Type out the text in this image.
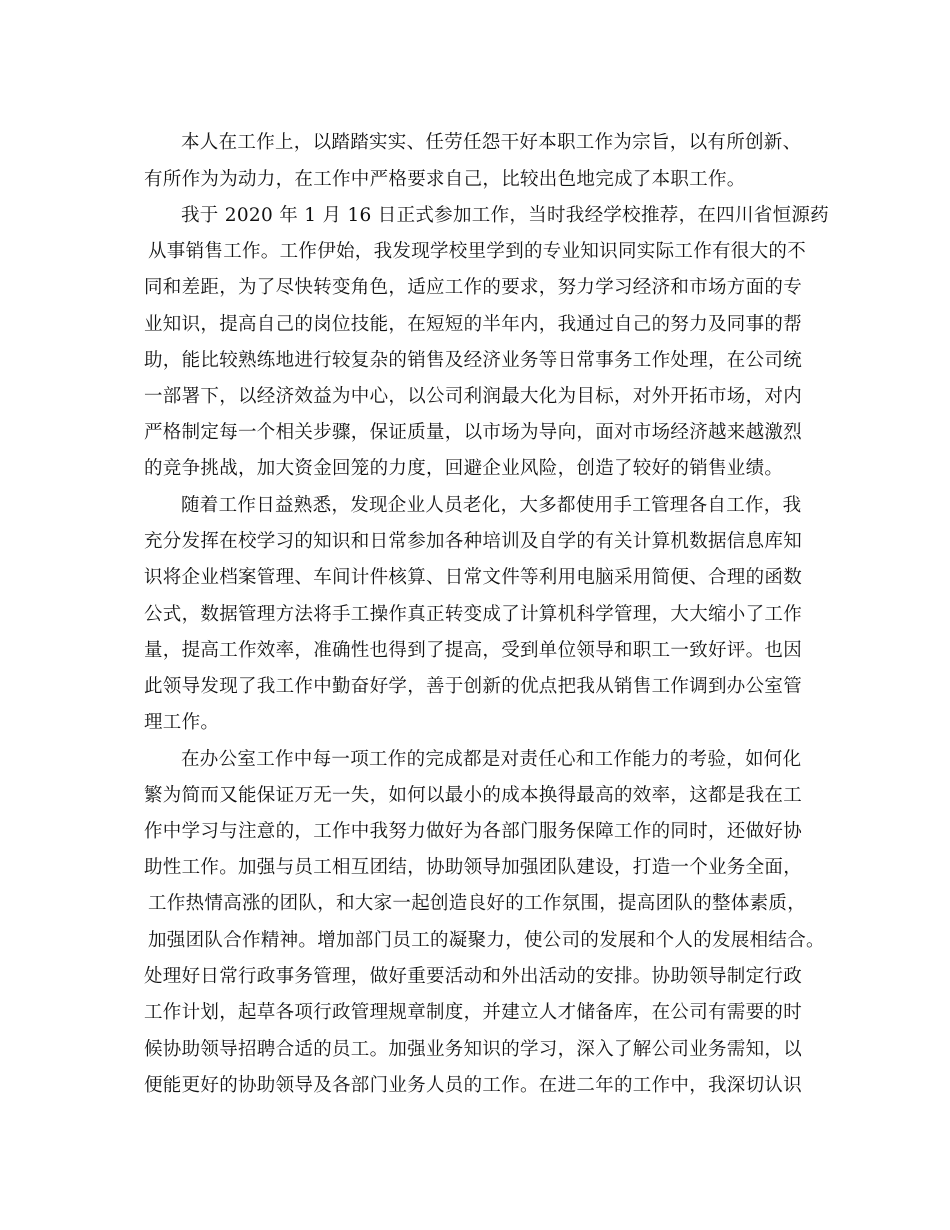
本人在工作上，以踏踏实实、任劳任怨干好本职工作为宗旨，以有所创新、
有所作为为动力，在工作中严格要求自己，比较出色地完成了本职工作。
我于 2020 年 1 月 16 日正式参加工作，当时我经学校推荐，在四川省恒源药
从事销售工作。工作伊始，我发现学校里学到的专业知识同实际工作有很大的不
同和差距，为了尽快转变角色，适应工作的要求，努力学习经济和市场方面的专
业知识，提高自己的岗位技能，在短短的半年内，我通过自己的努力及同事的帮
助，能比较熟练地进行较复杂的销售及经济业务等日常事务工作处理，在公司统
一部署下，以经济效益为中心，以公司利润最大化为目标，对外开拓市场，对内
严格制定每一个相关步骤，保证质量，以市场为导向，面对市场经济越来越激烈
的竞争挑战，加大资金回笼的力度，回避企业风险，创造了较好的销售业绩。
随着工作日益熟悉，发现企业人员老化，大多都使用手工管理各自工作，我
充分发挥在校学习的知识和日常参加各种培训及自学的有关计算机数据信息库知
识将企业档案管理、车间计件核算、日常文件等利用电脑采用简便、合理的函数
公式，数据管理方法将手工操作真正转变成了计算机科学管理，大大缩小了工作
量，提高工作效率，准确性也得到了提高，受到单位领导和职工一致好评。也因
此领导发现了我工作中勤奋好学，善于创新的优点把我从销售工作调到办公室管
理工作。
在办公室工作中每一项工作的完成都是对责任心和工作能力的考验，如何化
繁为简而又能保证万无一失，如何以最小的成本换得最高的效率，这都是我在工
作中学习与注意的，工作中我努力做好为各部门服务保障工作的同时，还做好协
助性工作。加强与员工相互团结，协助领导加强团队建设，打造一个业务全面，
工作热情高涨的团队，和大家一起创造良好的工作氛围，提高团队的整体素质，
加强团队合作精神。增加部门员工的凝聚力，使公司的发展和个人的发展相结合。
处理好日常行政事务管理，做好重要活动和外出活动的安排。协助领导制定行政
工作计划，起草各项行政管理规章制度，并建立人才储备库，在公司有需要的时
候协助领导招聘合适的员工。加强业务知识的学习，深入了解公司业务需知，以
便能更好的协助领导及各部门业务人员的工作。在进二年的工作中，我深切认识
